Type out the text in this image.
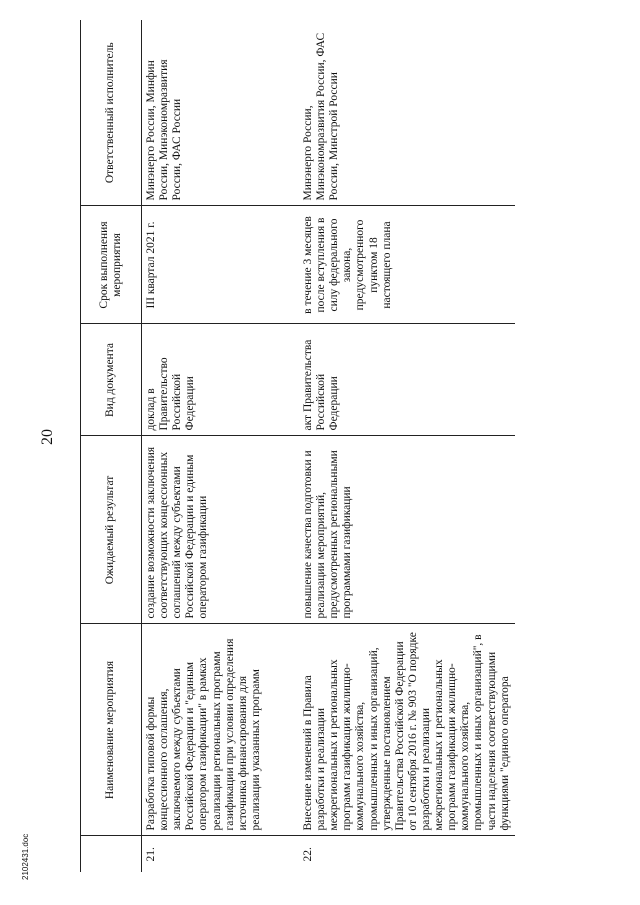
20
	Наименование мероприятия	Ожидаемый результат	Вид документа	Срок выполнения мероприятия	Ответственный исполнитель
21.	Разработка типовой формы концессионного соглашения, заключаемого между субъектами Российской Федерации и "единым оператором газификации" в рамках реализации региональных программ газификации при условии определения источника финансирования для реализации указанных программ	создание возможности заключения соответствующих концессионных соглашений между субъектами Российской Федерации и единым оператором газификации	доклад в Правительство Российской Федерации	III квартал 2021 г.	Минэнерго России, Минфин России, Минэкономразвития России, ФАС России
22.	Внесение изменений в Правила разработки и реализации межрегиональных и региональных программ газификации жилищно-коммунального хозяйства, промышленных и иных организаций, утвержденные постановлением Правительства Российской Федерации от 10 сентября 2016 г. № 903 "О порядке разработки и реализации межрегиональных и региональных программ газификации жилищно-коммунального хозяйства, промышленных и иных организаций", в части наделения соответствующими функциями "единого оператора	повышение качества подготовки и реализации мероприятий, предусмотренных региональными программами газификации	акт Правительства Российской Федерации	в течение 3 месяцев после вступления в силу федерального закона, предусмотренного пунктом 18 настоящего плана	Минэнерго России, Минэкономразвития России, ФАС России, Минстрой России
2102431.doc
